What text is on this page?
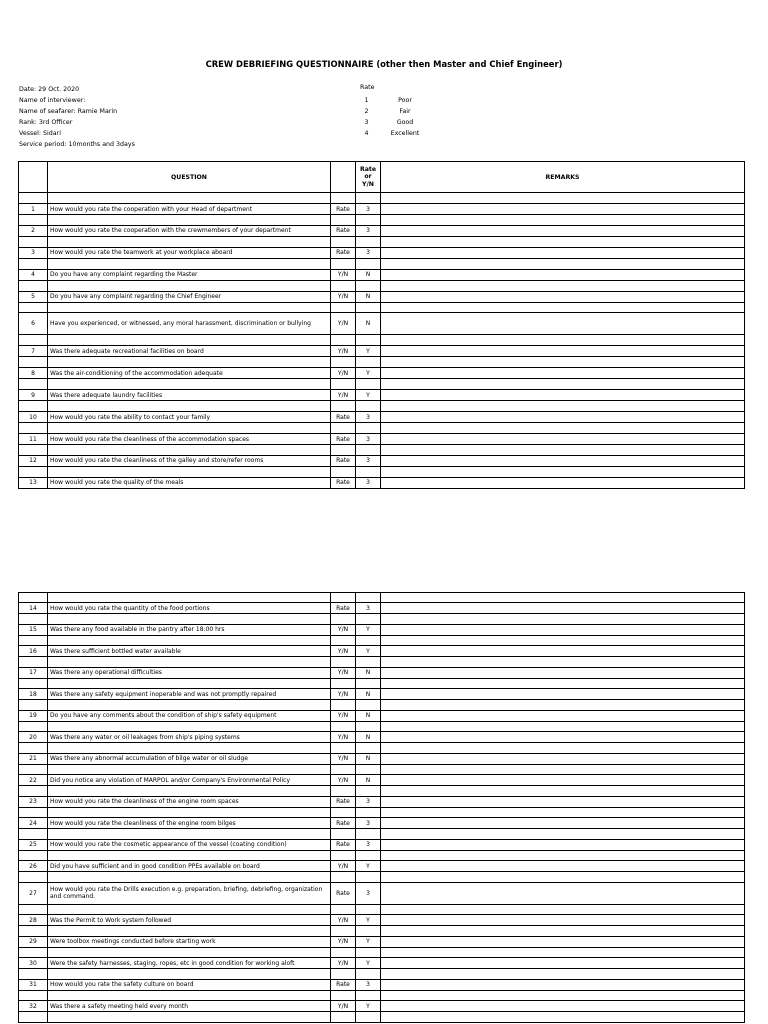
CREW DEBRIEFING QUESTIONNAIRE (other then Master and Chief Engineer)
Date: 29 Oct. 2020
Name of interviewer:
Name of seafarer: Ramie Marin
Rank: 3rd Officer
Vessel: Sidari
Service period: 10months and 3days
Rate
1	Poor
2	Fair
3	Good
4	Excellent
	QUESTION		Rate
or
Y/N	REMARKS

1	How would you rate the cooperation with your Head of department	Rate	3	

2	How would you rate the cooperation with the crewmembers of your department	Rate	3	

3	How would you rate the teamwork at your workplace aboard	Rate	3	

4	Do you have any complaint regarding the Master	Y/N	N	

5	Do you have any complaint regarding the Chief Engineer	Y/N	N	

6	Have you experienced, or witnessed, any moral harassment, discrimination or bullying	Y/N	N	

7	Was there adequate recreational facilities on board	Y/N	Y	

8	Was the air-conditioning of the accommodation adequate	Y/N	Y	

9	Was there adequate laundry facilities	Y/N	Y	

10	How would you rate the ability to contact your family	Rate	3	

11	How would you rate the cleanliness of the accommodation spaces	Rate	3	

12	How would you rate the cleanliness of the galley and store/refer rooms	Rate	3	

13	How would you rate the quality of the meals	Rate	3	

14	How would you rate the quantity of the food portions	Rate	3	

15	Was there any food available in the pantry after 18:00 hrs	Y/N	Y	

16	Was there sufficient bottled water available	Y/N	Y	

17	Was there any operational difficulties	Y/N	N	

18	Was there any safety equipment inoperable and was not promptly repaired	Y/N	N	

19	Do you have any comments about the condition of ship's safety equipment	Y/N	N	

20	Was there any water or oil leakages from ship's piping systems	Y/N	N	

21	Was there any abnormal accumulation of bilge water or oil sludge	Y/N	N	

22	Did you notice any violation of MARPOL and/or Company's Environmental Policy	Y/N	N	

23	How would you rate the cleanliness of the engine room spaces	Rate	3	

24	How would you rate the cleanliness of the engine room bilges	Rate	3	

25	How would you rate the cosmetic appearance of the vessel (coating condition)	Rate	3	

26	Did you have sufficient and in good condition PPEs available on board	Y/N	Y	

27	How would you rate the Drills execution e.g. preparation, briefing, debriefing, organization and command.	Rate	3	

28	Was the Permit to Work system followed	Y/N	Y	

29	Were toolbox meetings conducted before starting work	Y/N	Y	

30	Were the safety harnesses, staging, ropes, etc in good condition for working aloft	Y/N	Y	

31	How would you rate the safety culture on board	Rate	3	

32	Was there a safety meeting held every month	Y/N	Y	
